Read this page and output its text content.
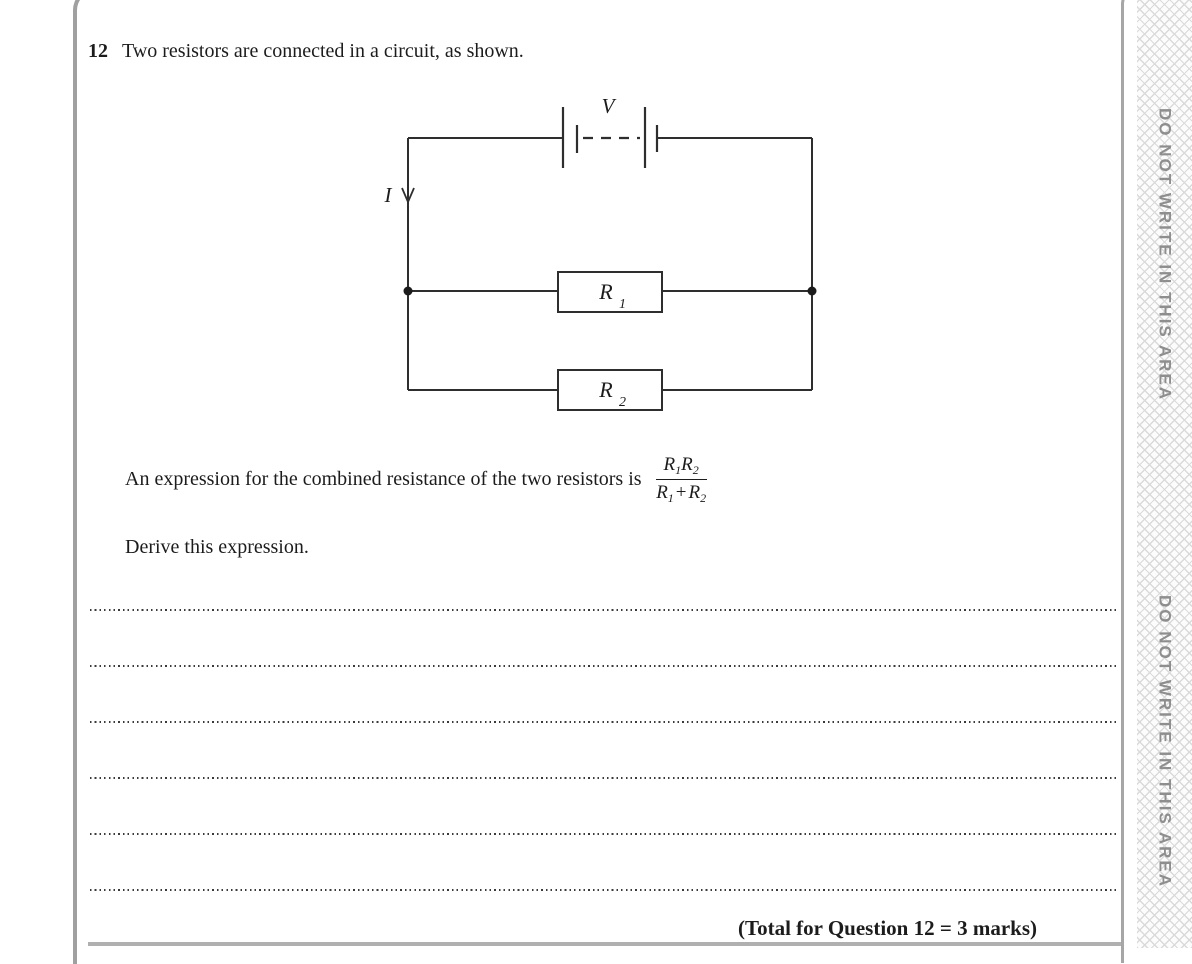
DO NOT WRITE IN THIS AREA
DO NOT WRITE IN THIS AREA
12 Two resistors are connected in a circuit, as shown.
V
I
R
1
R
2
An expression for the combined resistance of the two resistors is $\frac{R_1R_2}{R_1 + R_2}$
Derive this expression.
(Total for Question 12 = 3 marks)
